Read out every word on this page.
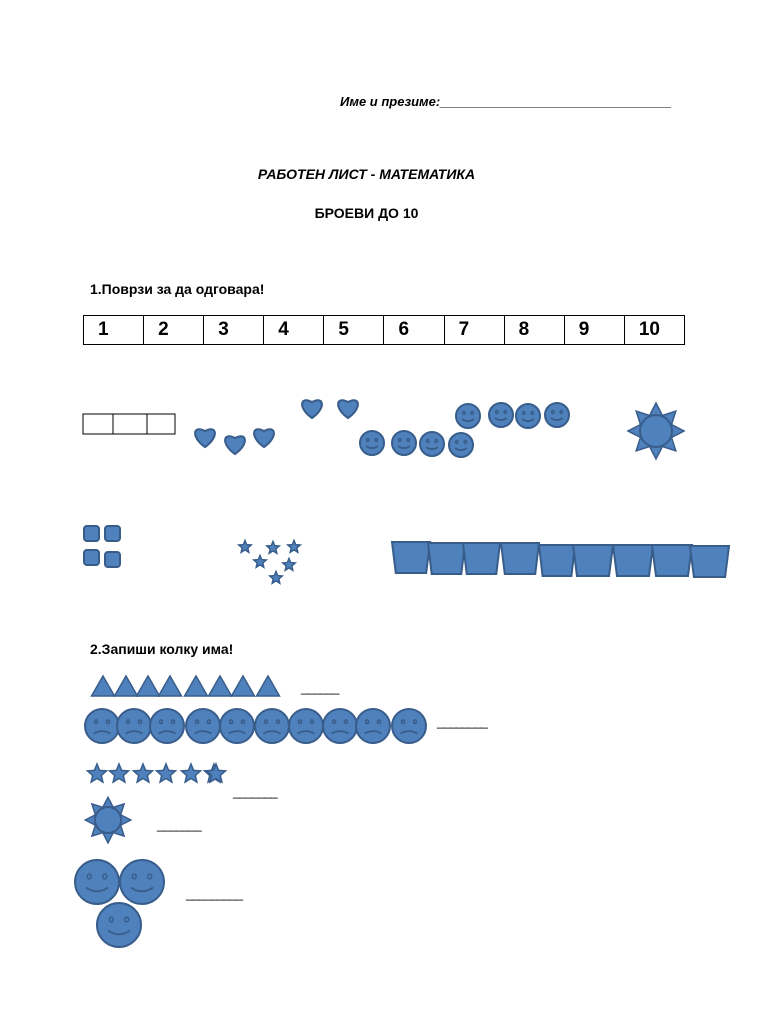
Име и презиме:________________________________
РАБОТЕН ЛИСТ - МАТЕМАТИКА
БРОЕВИ ДО 10
1.Поврзи за да одговара!
1	2	3	4	5	6	7	8	9	10
2.Запиши колку има!
______
________
_______
_______
_________
